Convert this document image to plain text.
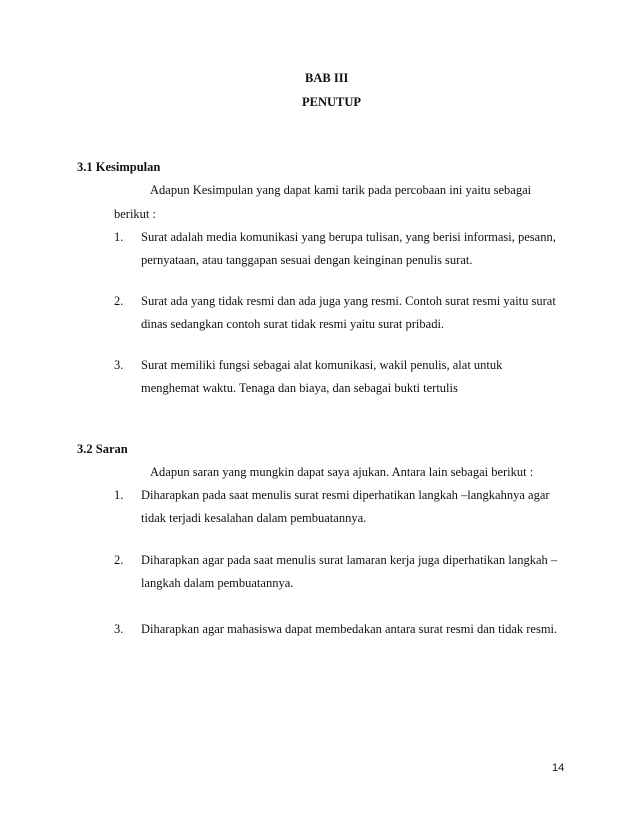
BAB III
PENUTUP
3.1 Kesimpulan
Adapun Kesimpulan yang dapat kami tarik pada percobaan ini yaitu sebagai
berikut :
1. Surat adalah media komunikasi yang berupa tulisan, yang berisi informasi, pesann,
pernyataan, atau tanggapan sesuai dengan keinginan penulis surat.
2. Surat ada yang tidak resmi dan ada juga yang resmi. Contoh surat resmi yaitu surat
dinas sedangkan contoh surat tidak resmi yaitu surat pribadi.
3. Surat memiliki fungsi sebagai alat komunikasi, wakil penulis, alat untuk
menghemat waktu. Tenaga dan biaya, dan sebagai bukti tertulis
3.2 Saran
Adapun saran yang mungkin dapat saya ajukan. Antara lain sebagai berikut :
1. Diharapkan pada saat menulis surat resmi diperhatikan langkah –langkahnya agar
tidak terjadi kesalahan dalam pembuatannya.
2. Diharapkan agar pada saat menulis surat lamaran kerja juga diperhatikan langkah –
langkah dalam pembuatannya.
3. Diharapkan agar mahasiswa dapat membedakan antara surat resmi dan tidak resmi.
14
